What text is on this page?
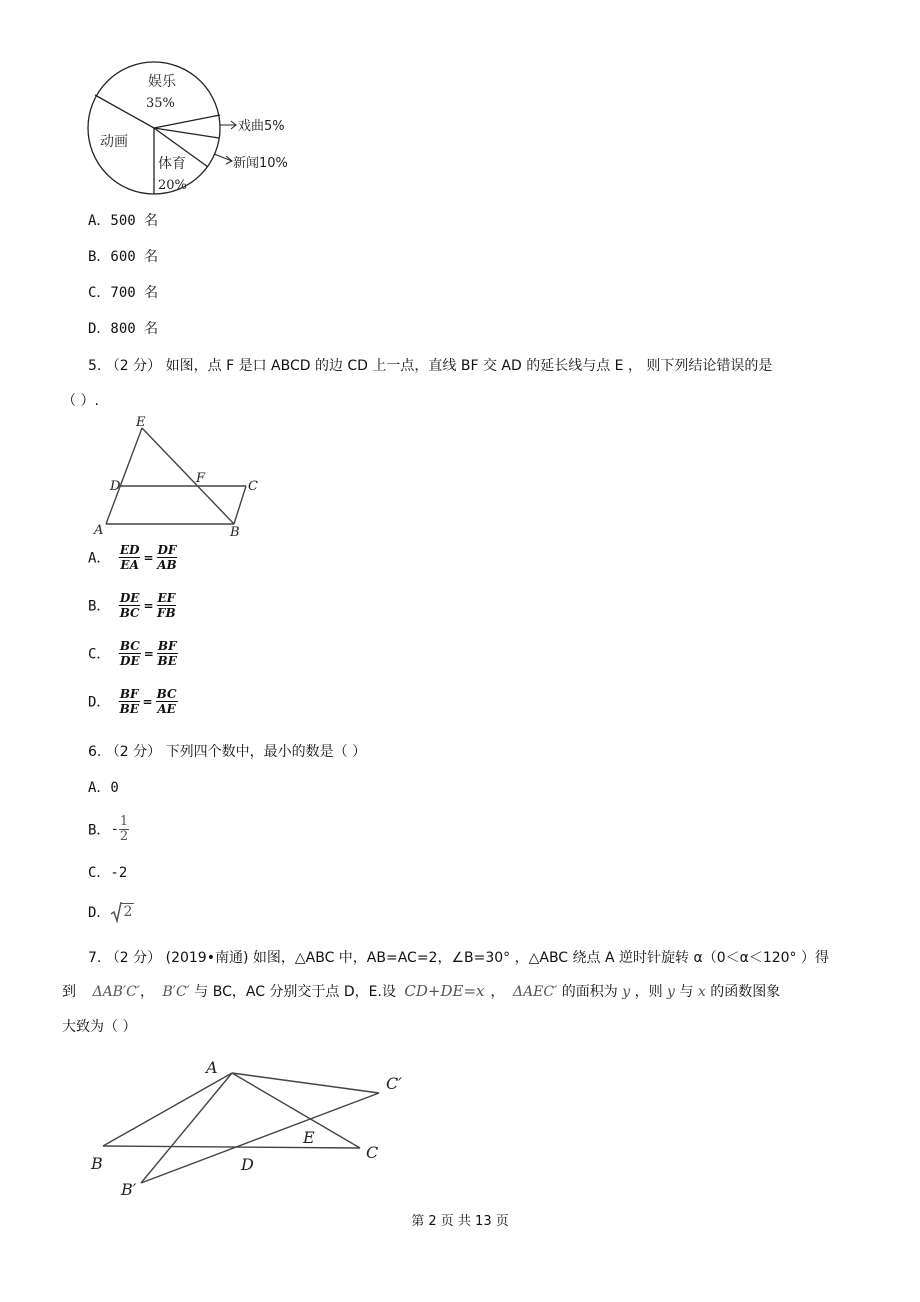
娱乐
35%
动画
体育
20%
戏曲5%
新闻10%
A．500 名
B．600 名
C．700 名
D．800 名
5. （2 分） 如图，点 F 是口 ABCD 的边 CD 上一点，直线 BF 交 AD 的延长线与点 E ， 则下列结论错误的是
（ ）.
E
D
F
C
A	B
A． $\frac{ED}{EA} = \frac{DF}{AB}$
B． $\frac{DE}{BC} = \frac{EF}{FB}$
C． $\frac{BC}{DE} = \frac{BF}{BE}$
D． $\frac{BF}{BE} = \frac{BC}{AE}$
6. （2 分） 下列四个数中，最小的数是（ ）
A．0
B．- $\frac{1}{2}$
C．-2
D． 2
7. （2 分） (2019•南通) 如图，△ABC 中，AB=AC=2，∠B=30° ，△ABC 绕点 A 逆时针旋转 α（0＜α＜120° ）得
到 ΔAB′C′， B′C′ 与 BC，AC 分别交于点 D，E.设 CD+DE=x ， ΔAEC′ 的面积为 y ，则 y 与 x 的函数图象
大致为（ ）
A
C′
E
C
B	D
B′
第 2 页 共 13 页
